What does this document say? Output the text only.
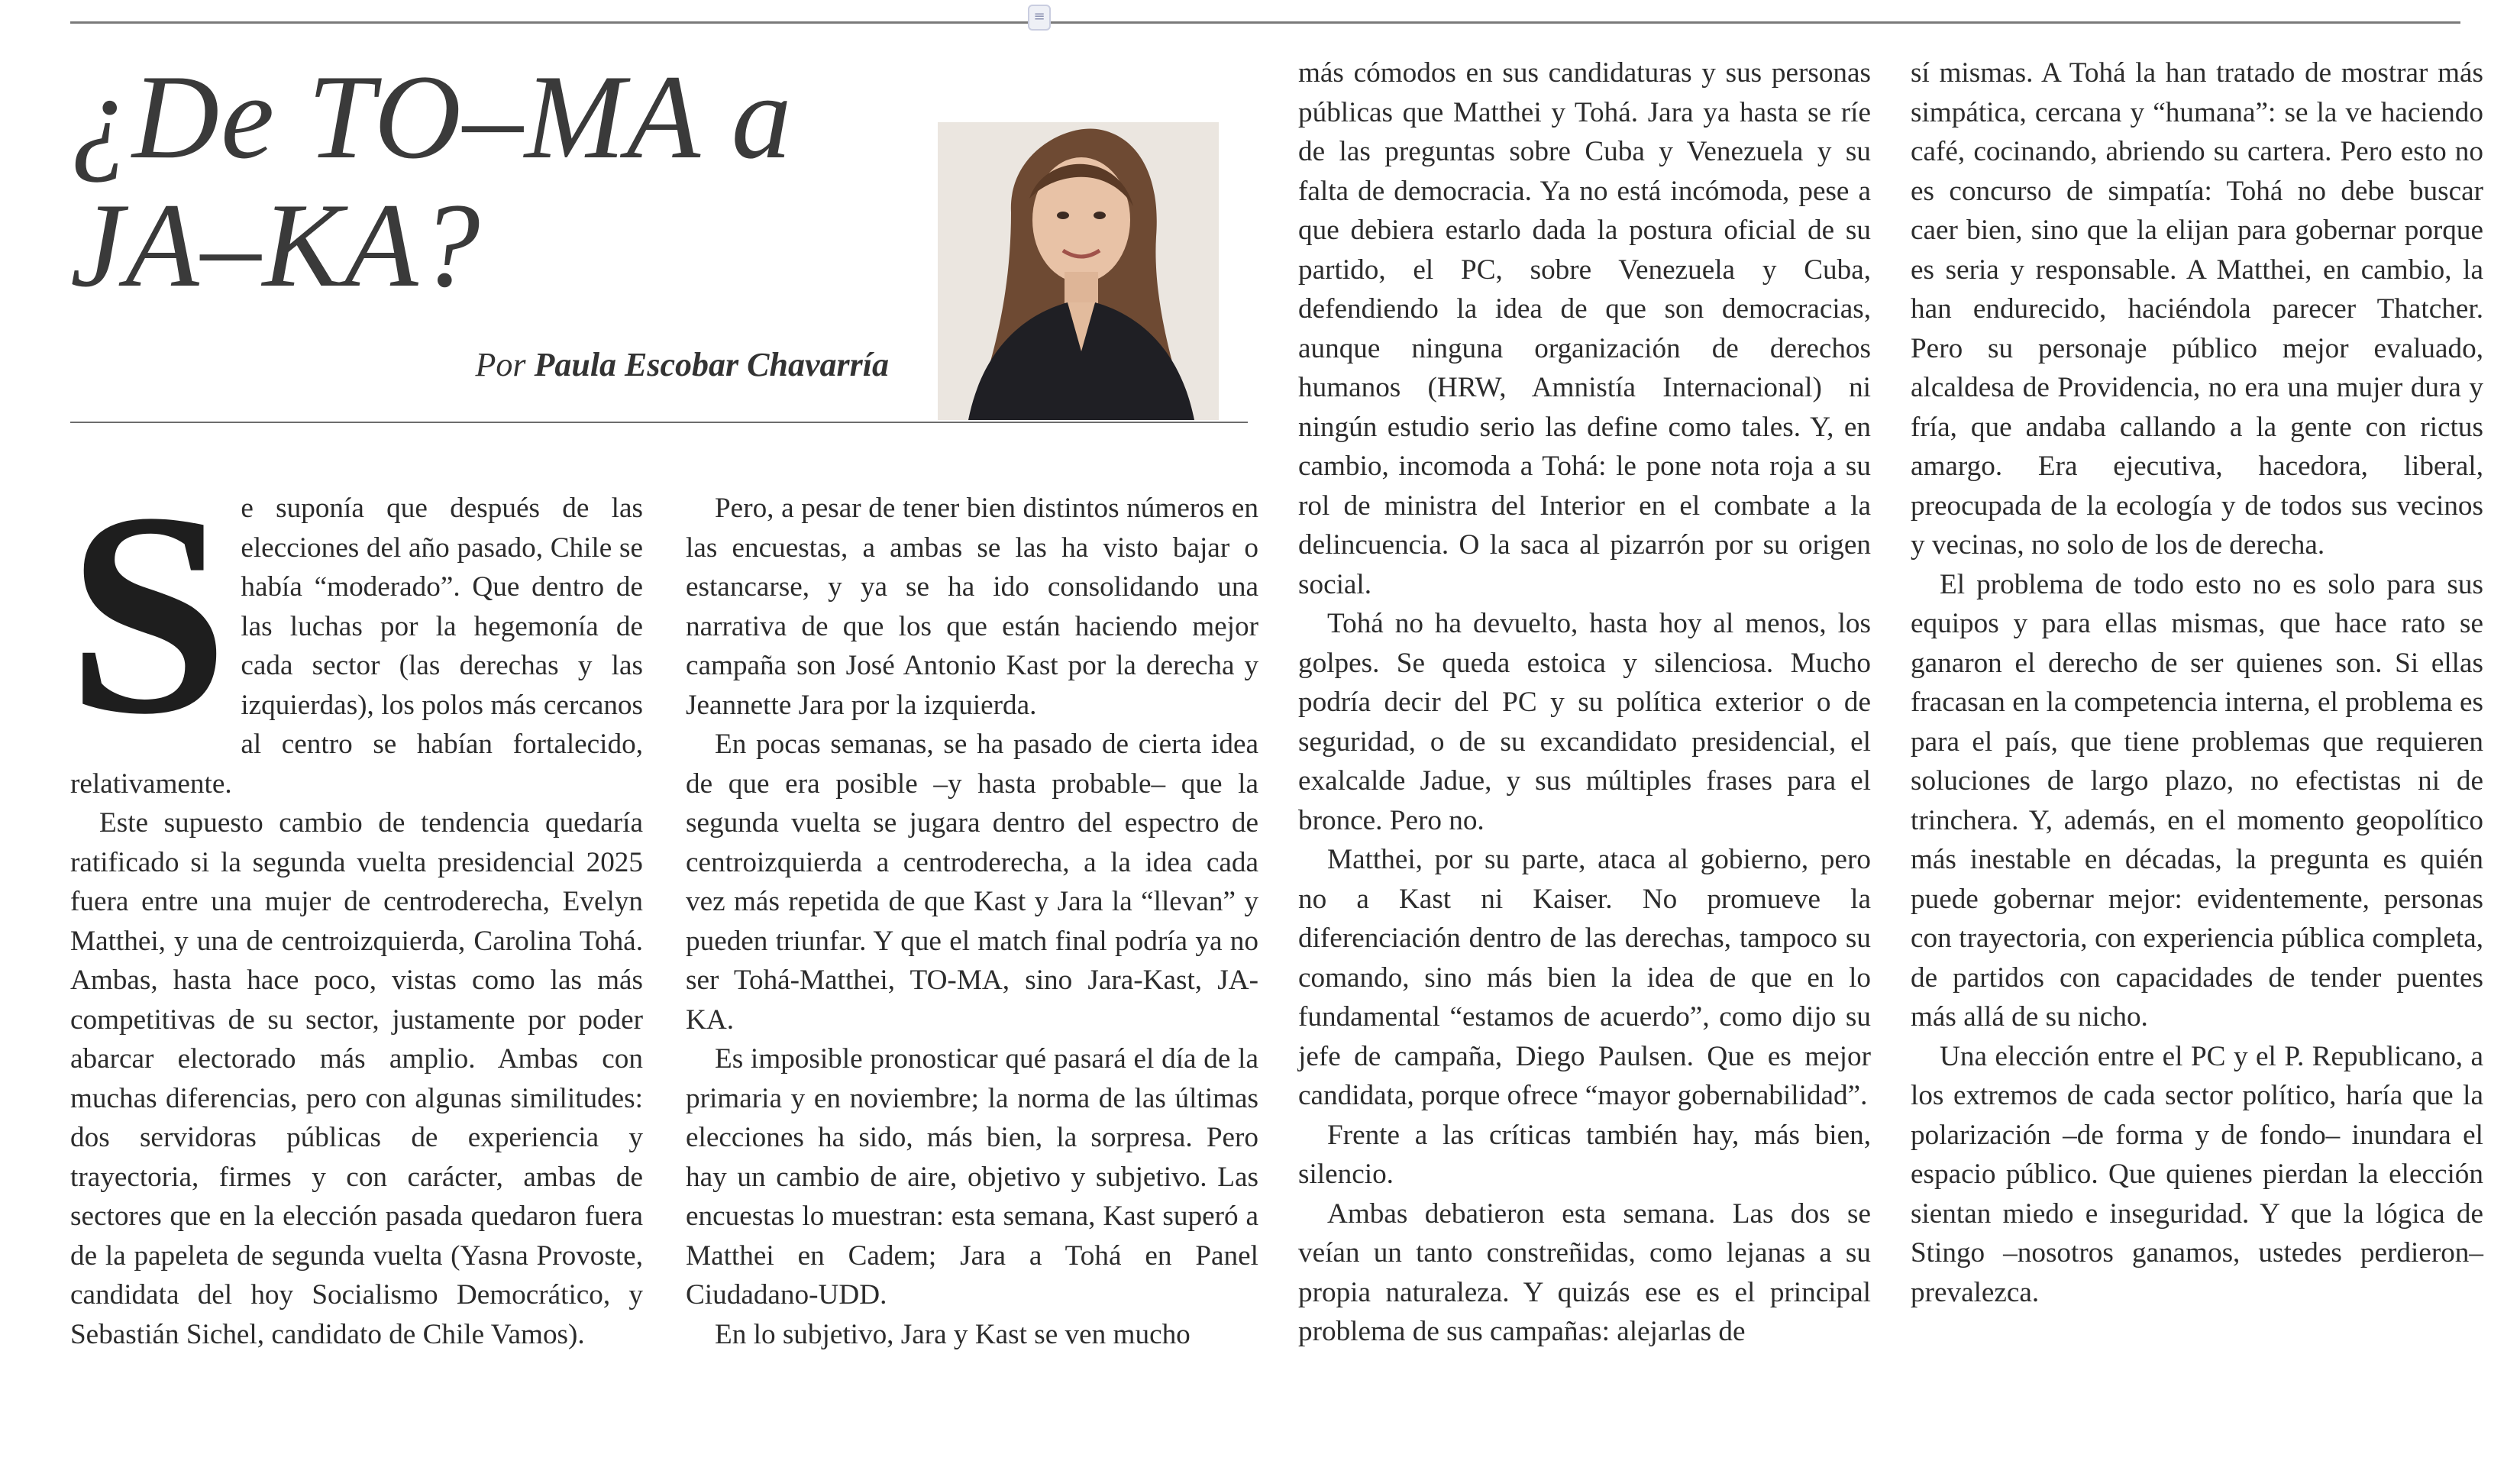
≡
¿De TO–MA a
JA–KA?
Por Paula Escobar Chavarría

Se suponía que después de las elecciones del año pasado, Chile se había “moderado”. Que dentro de las luchas por la hegemonía de cada sector (las derechas y las izquierdas), los polos más cercanos al centro se habían fortalecido, relativamente.

Este supuesto cambio de tendencia quedaría ratificado si la segunda vuelta presidencial 2025 fuera entre una mujer de centroderecha, Evelyn Matthei, y una de centroizquierda, Carolina Tohá. Ambas, hasta hace poco, vistas como las más competitivas de su sector, justamente por poder abarcar electorado más amplio. Ambas con muchas diferencias, pero con algunas similitudes: dos servidoras públicas de experiencia y trayectoria, firmes y con carácter, ambas de sectores que en la elección pasada quedaron fuera de la papeleta de segunda vuelta (Yasna Provoste, candidata del hoy Socialismo Democrático, y Sebastián Sichel, candidato de Chile Vamos).

Pero, a pesar de tener bien distintos números en las encuestas, a ambas se las ha visto bajar o estancarse, y ya se ha ido consolidando una narrativa de que los que están haciendo mejor campaña son José Antonio Kast por la derecha y Jeannette Jara por la izquierda.

En pocas semanas, se ha pasado de cierta idea de que era posible –y hasta probable– que la segunda vuelta se jugara dentro del espectro de centroizquierda a centroderecha, a la idea cada vez más repetida de que Kast y Jara la “llevan” y pueden triunfar. Y que el match final podría ya no ser Tohá-Matthei, TO-MA, sino Jara-Kast, JA-KA.

Es imposible pronosticar qué pasará el día de la primaria y en noviembre; la norma de las últimas elecciones ha sido, más bien, la sorpresa. Pero hay un cambio de aire, objetivo y subjetivo. Las encuestas lo muestran: esta semana, Kast superó a Matthei en Cadem; Jara a Tohá en Panel Ciudadano-UDD.

En lo subjetivo, Jara y Kast se ven mucho

más cómodos en sus candidaturas y sus personas públicas que Matthei y Tohá. Jara ya hasta se ríe de las preguntas sobre Cuba y Venezuela y su falta de democracia. Ya no está incómoda, pese a que debiera estarlo dada la postura oficial de su partido, el PC, sobre Venezuela y Cuba, defendiendo la idea de que son democracias, aunque ninguna organización de derechos humanos (HRW, Amnistía Internacional) ni ningún estudio serio las define como tales. Y, en cambio, incomoda a Tohá: le pone nota roja a su rol de ministra del Interior en el combate a la delincuencia. O la saca al pizarrón por su origen social.

Tohá no ha devuelto, hasta hoy al menos, los golpes. Se queda estoica y silenciosa. Mucho podría decir del PC y su política exterior o de seguridad, o de su excandidato presidencial, el exalcalde Jadue, y sus múltiples frases para el bronce. Pero no.

Matthei, por su parte, ataca al gobierno, pero no a Kast ni Kaiser. No promueve la diferenciación dentro de las derechas, tampoco su comando, sino más bien la idea de que en lo fundamental “estamos de acuerdo”, como dijo su jefe de campaña, Diego Paulsen. Que es mejor candidata, porque ofrece “mayor gobernabilidad”.

Frente a las críticas también hay, más bien, silencio.

Ambas debatieron esta semana. Las dos se veían un tanto constreñidas, como lejanas a su propia naturaleza. Y quizás ese es el principal problema de sus campañas: alejarlas de

sí mismas. A Tohá la han tratado de mostrar más simpática, cercana y “humana”: se la ve haciendo café, cocinando, abriendo su cartera. Pero esto no es concurso de simpatía: Tohá no debe buscar caer bien, sino que la elijan para gobernar porque es seria y responsable. A Matthei, en cambio, la han endurecido, haciéndola parecer Thatcher. Pero su personaje público mejor evaluado, alcaldesa de Providencia, no era una mujer dura y fría, que andaba callando a la gente con rictus amargo. Era ejecutiva, hacedora, liberal, preocupada de la ecología y de todos sus vecinos y vecinas, no solo de los de derecha.

El problema de todo esto no es solo para sus equipos y para ellas mismas, que hace rato se ganaron el derecho de ser quienes son. Si ellas fracasan en la competencia interna, el problema es para el país, que tiene problemas que requieren soluciones de largo plazo, no efectistas ni de trinchera. Y, además, en el momento geopolítico más inestable en décadas, la pregunta es quién puede gobernar mejor: evidentemente, personas con trayectoria, con experiencia pública completa, de partidos con capacidades de tender puentes más allá de su nicho.

Una elección entre el PC y el P. Republicano, a los extremos de cada sector político, haría que la polarización –de forma y de fondo– inundara el espacio público. Que quienes pierdan la elección sientan miedo e inseguridad. Y que la lógica de Stingo –nosotros ganamos, ustedes perdieron– prevalezca.
